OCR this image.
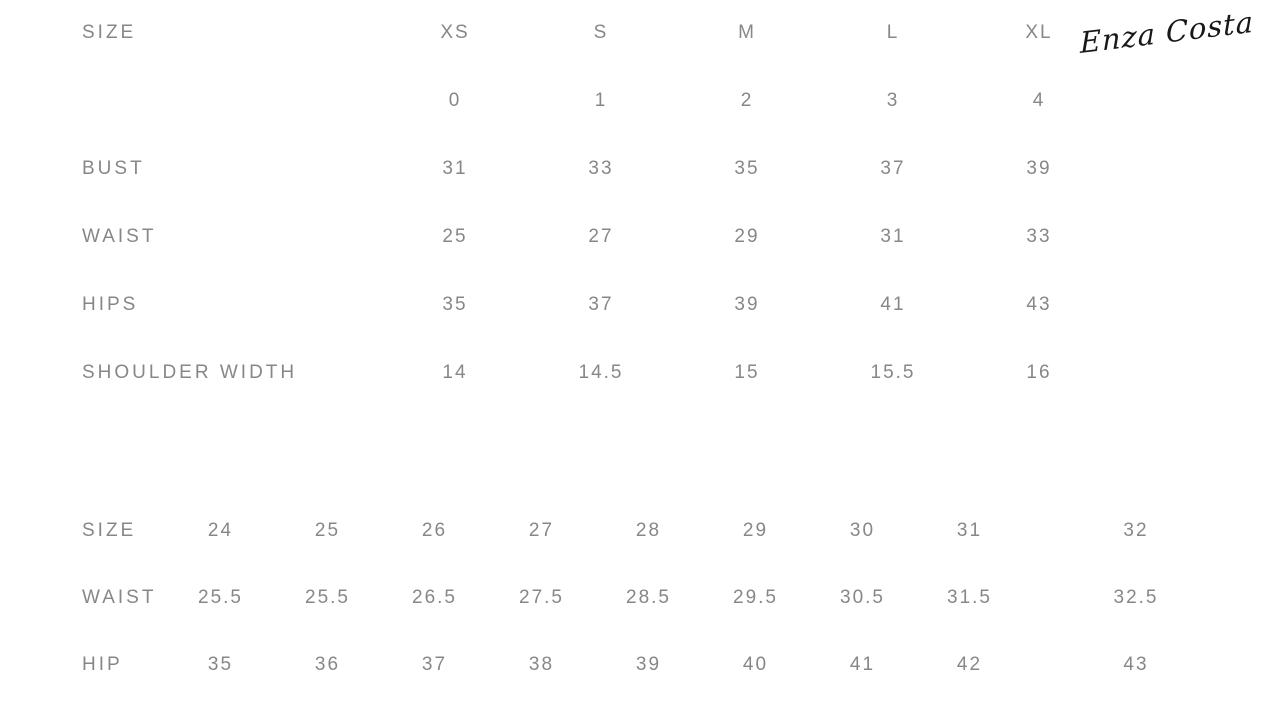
Enza Costa
SIZE	XS	S	M	L	XL
	0	1	2	3	4
BUST	31	33	35	37	39
WAIST	25	27	29	31	33
HIPS	35	37	39	41	43
SHOULDER WIDTH	14	14.5	15	15.5	16
SIZE	24	25	26	27	28	29	30	31	32
WAIST	25.5	25.5	26.5	27.5	28.5	29.5	30.5	31.5	32.5
HIP	35	36	37	38	39	40	41	42	43
